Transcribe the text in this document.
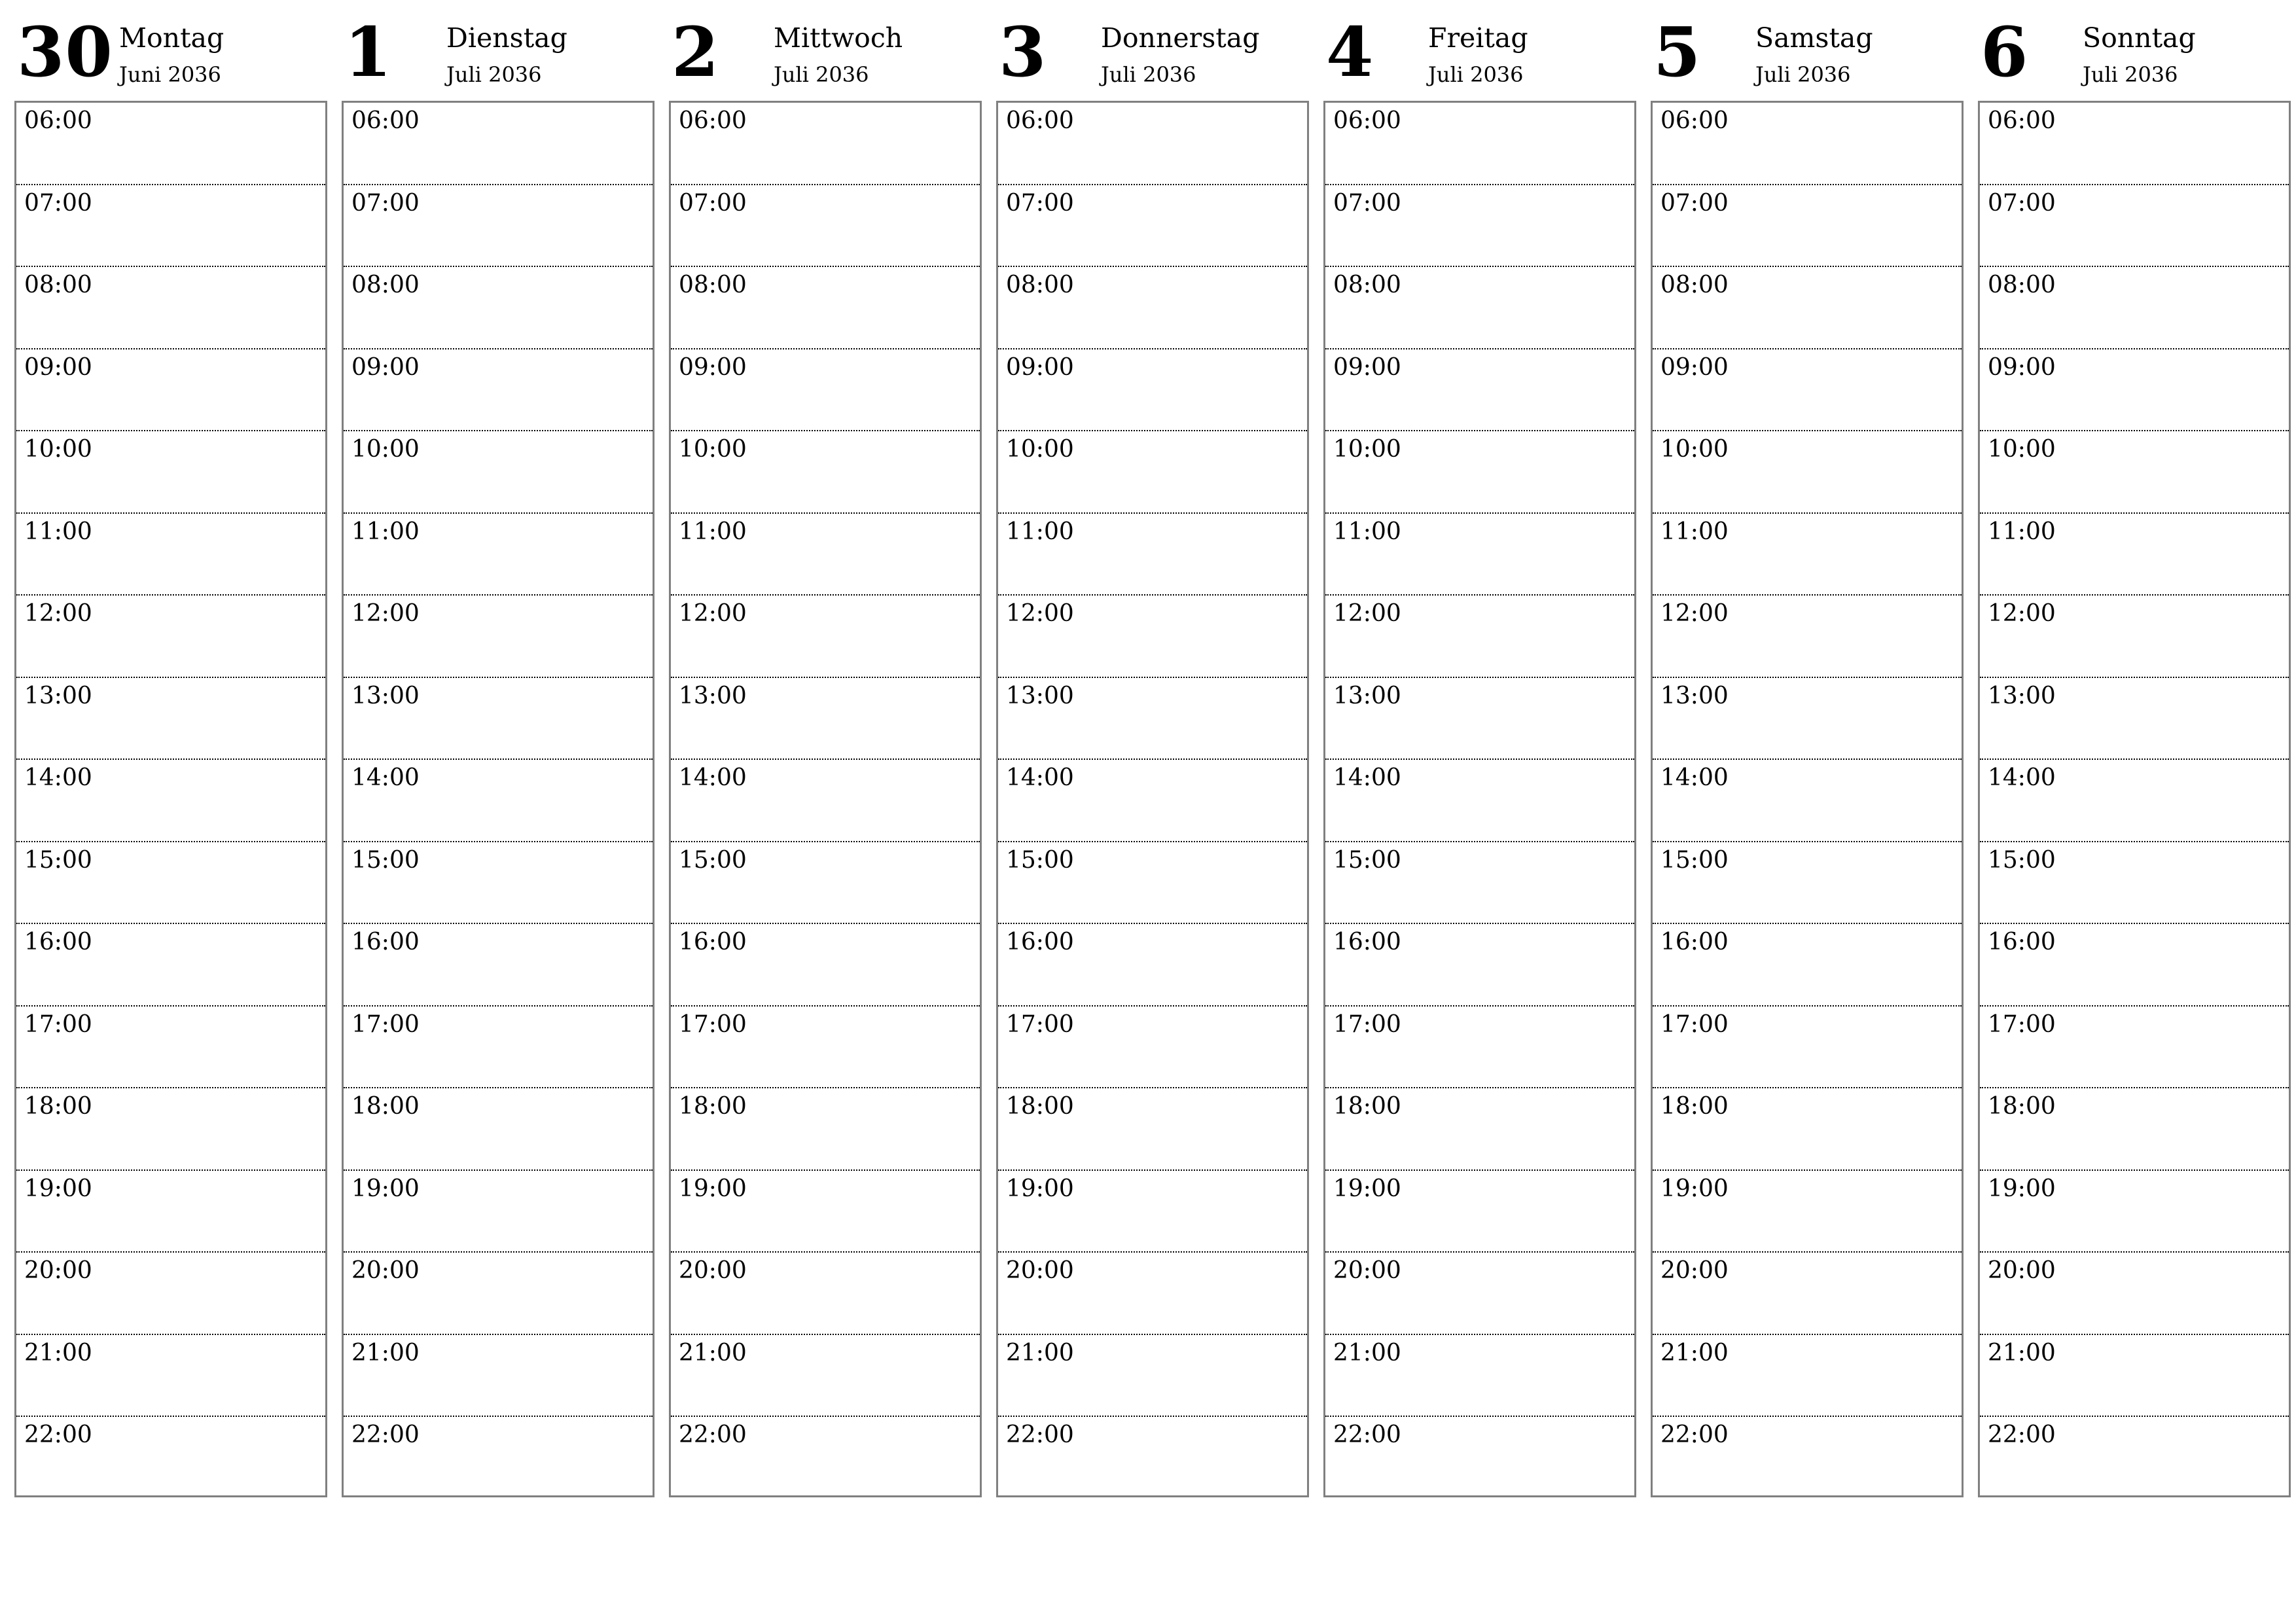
30 Montag
Juni 2036
06:00
07:00
08:00
09:00
10:00
11:00
12:00
13:00
14:00
15:00
16:00
17:00
18:00
19:00
20:00
21:00
22:00
1 Dienstag
Juli 2036
06:00
07:00
08:00
09:00
10:00
11:00
12:00
13:00
14:00
15:00
16:00
17:00
18:00
19:00
20:00
21:00
22:00
2 Mittwoch
Juli 2036
06:00
07:00
08:00
09:00
10:00
11:00
12:00
13:00
14:00
15:00
16:00
17:00
18:00
19:00
20:00
21:00
22:00
3 Donnerstag
Juli 2036
06:00
07:00
08:00
09:00
10:00
11:00
12:00
13:00
14:00
15:00
16:00
17:00
18:00
19:00
20:00
21:00
22:00
4 Freitag
Juli 2036
06:00
07:00
08:00
09:00
10:00
11:00
12:00
13:00
14:00
15:00
16:00
17:00
18:00
19:00
20:00
21:00
22:00
5 Samstag
Juli 2036
06:00
07:00
08:00
09:00
10:00
11:00
12:00
13:00
14:00
15:00
16:00
17:00
18:00
19:00
20:00
21:00
22:00
6 Sonntag
Juli 2036
06:00
07:00
08:00
09:00
10:00
11:00
12:00
13:00
14:00
15:00
16:00
17:00
18:00
19:00
20:00
21:00
22:00
